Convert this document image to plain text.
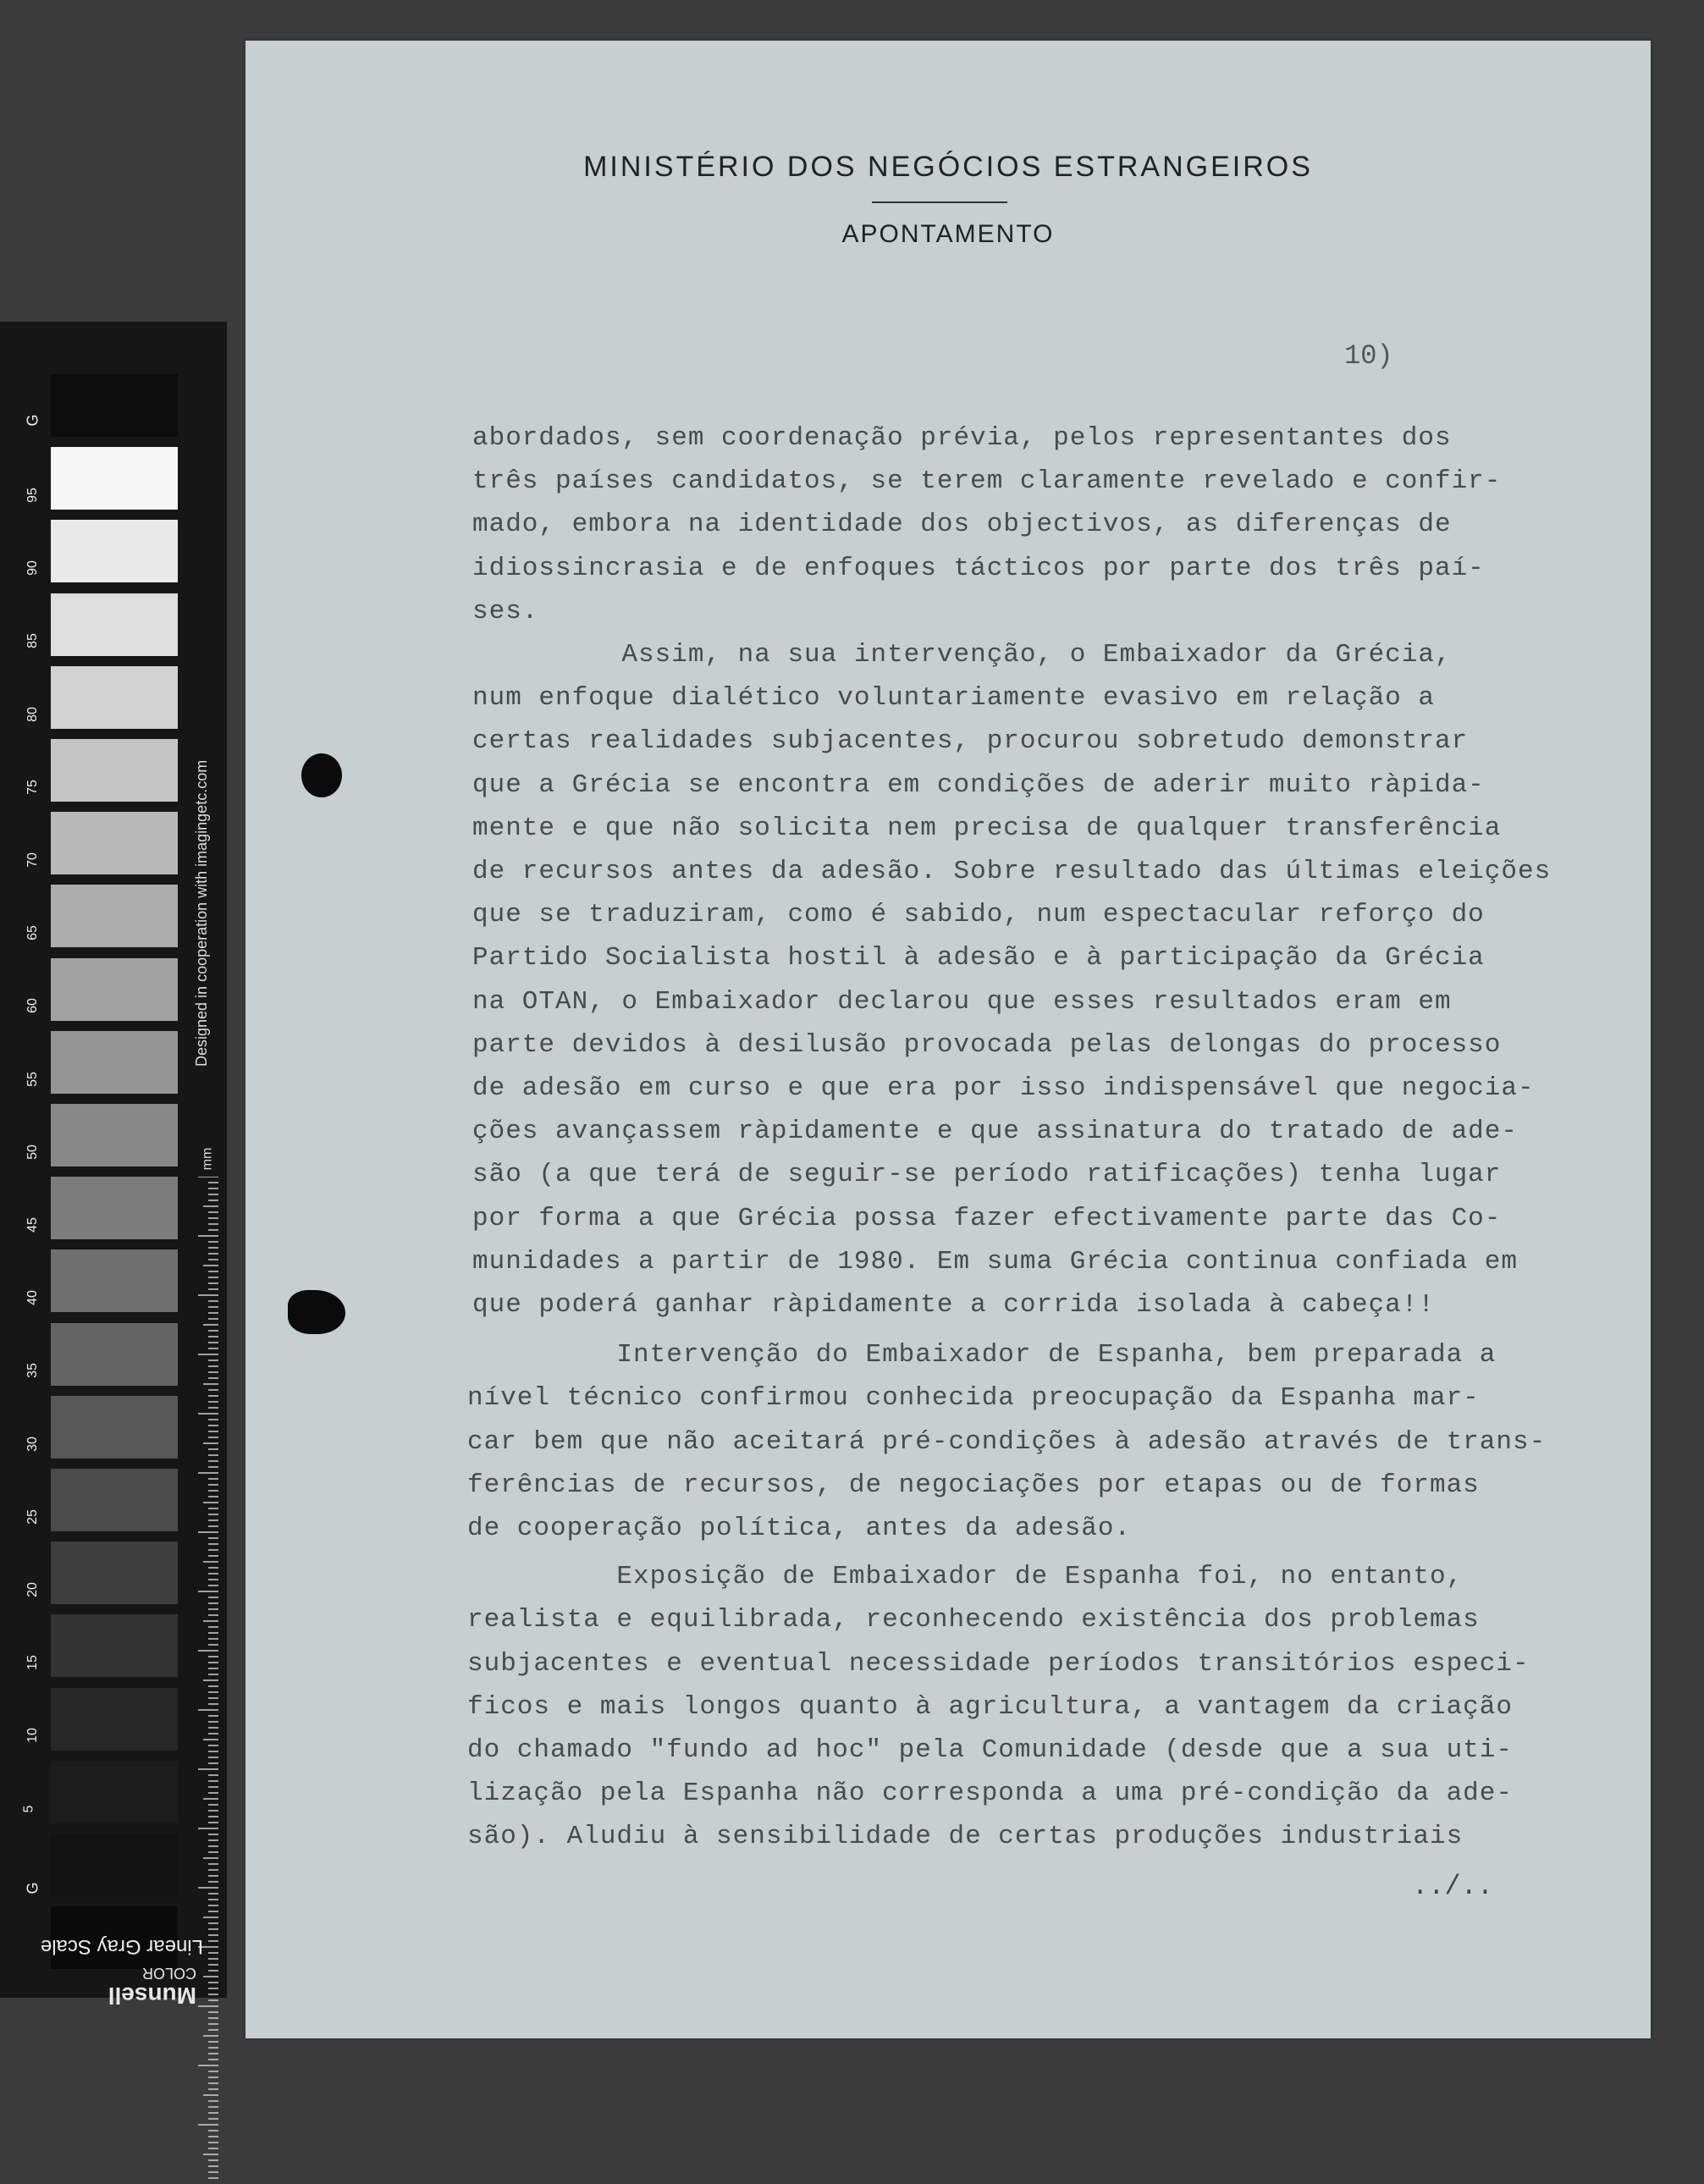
95
90
85
80
75
70
65
60
55
50
45
40
35
30
25
20
15
10
5
Designed in cooperation with imagingetc.com
mm
G
G
Linear Gray Scale
COLOR
Munsell
MINISTÉRIO DOS NEGÓCIOS ESTRANGEIROS
APONTAMENTO
10)
abordados, sem coordenação prévia, pelos representantes dos
três países candidatos, se terem claramente revelado e confir-
mado, embora na identidade dos objectivos, as diferenças de
idiossincrasia e de enfoques tácticos por parte dos três paí-
ses.
Assim, na sua intervenção, o Embaixador da Grécia,
num enfoque dialético voluntariamente evasivo em relação a
certas realidades subjacentes, procurou sobretudo demonstrar
que a Grécia se encontra em condições de aderir muito ràpida-
mente e que não solicita nem precisa de qualquer transferência
de recursos antes da adesão. Sobre resultado das últimas eleições
que se traduziram, como é sabido, num espectacular reforço do
Partido Socialista hostil à adesão e à participação da Grécia
na OTAN, o Embaixador declarou que esses resultados eram em
parte devidos à desilusão provocada pelas delongas do processo
de adesão em curso e que era por isso indispensável que negocia-
ções avançassem ràpidamente e que assinatura do tratado de ade-
são (a que terá de seguir-se período ratificações) tenha lugar
por forma a que Grécia possa fazer efectivamente parte das Co-
munidades a partir de 1980. Em suma Grécia continua confiada em
que poderá ganhar ràpidamente a corrida isolada à cabeça!!
Intervenção do Embaixador de Espanha, bem preparada a
nível técnico confirmou conhecida preocupação da Espanha mar-
car bem que não aceitará pré-condições à adesão através de trans-
ferências de recursos, de negociações por etapas ou de formas
de cooperação política, antes da adesão.
Exposição de Embaixador de Espanha foi, no entanto,
realista e equilibrada, reconhecendo existência dos problemas
subjacentes e eventual necessidade períodos transitórios especi-
ficos e mais longos quanto à agricultura, a vantagem da criação
do chamado "fundo ad hoc" pela Comunidade (desde que a sua uti-
lização pela Espanha não corresponda a uma pré-condição da ade-
são). Aludiu à sensibilidade de certas produções industriais
../..
